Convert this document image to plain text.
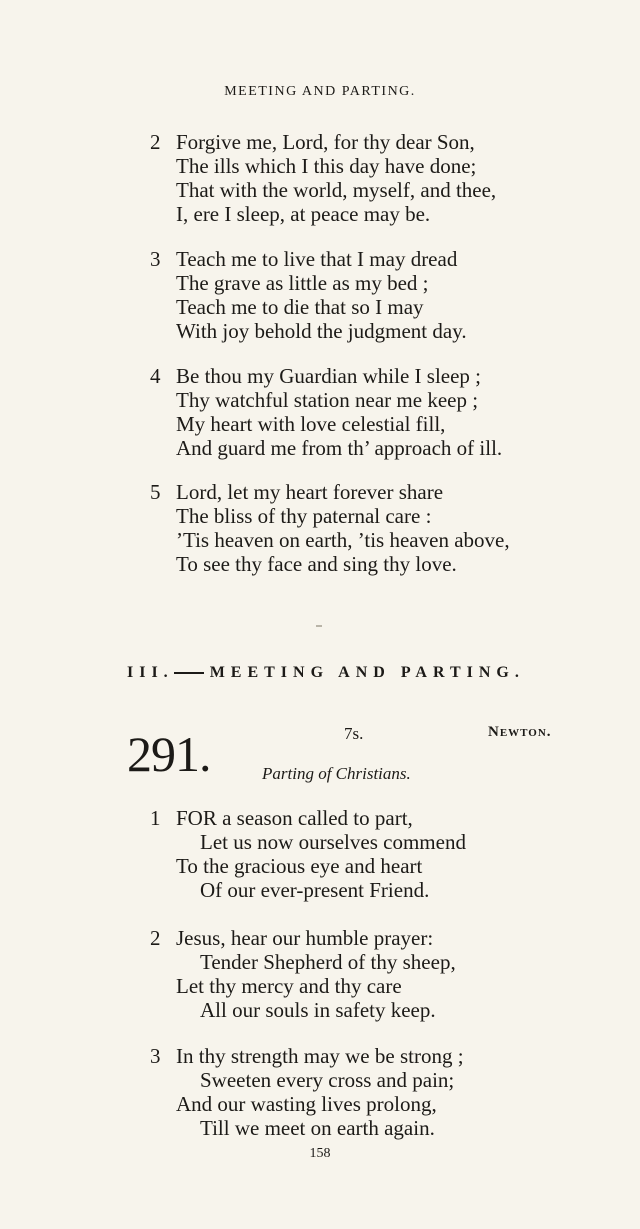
MEETING AND PARTING.
2 Forgive me, Lord, for thy dear Son,
The ills which I this day have done;
That with the world, myself, and thee,
I, ere I sleep, at peace may be.
3 Teach me to live that I may dread
The grave as little as my bed ;
Teach me to die that so I may
With joy behold the judgment day.
4 Be thou my Guardian while I sleep ;
Thy watchful station near me keep ;
My heart with love celestial fill,
And guard me from th’ approach of ill.
5 Lord, let my heart forever share
The bliss of thy paternal care :
’Tis heaven on earth, ’tis heaven above,
To see thy face and sing thy love.
III. MEETING AND PARTING.
291.	7s.	Newton.
Parting of Christians.
1 FOR a season called to part,
Let us now ourselves commend
To the gracious eye and heart
Of our ever-present Friend.
2 Jesus, hear our humble prayer:
Tender Shepherd of thy sheep,
Let thy mercy and thy care
All our souls in safety keep.
3 In thy strength may we be strong ;
Sweeten every cross and pain;
And our wasting lives prolong,
Till we meet on earth again.
158
